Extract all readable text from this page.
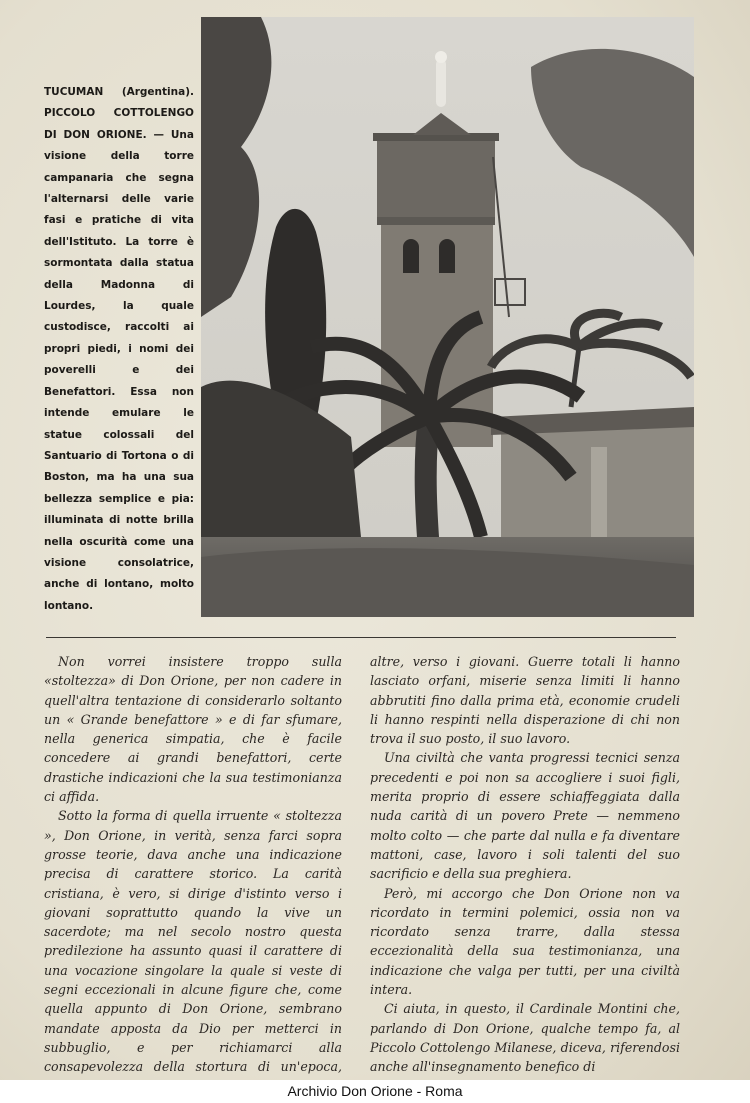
TUCUMAN (Argentina). PICCOLO COTTOLENGO DI DON ORIONE. — Una visione della torre campanaria che segna l'alternarsi delle varie fasi e pratiche di vita dell'Istituto. La torre è sormontata dalla statua della Madonna di Lourdes, la quale custodisce, raccolti ai propri piedi, i nomi dei poverelli e dei Benefattori. Essa non intende emulare le statue colossali del Santuario di Tortona o di Boston, ma ha una sua bellezza semplice e pia: illuminata di notte brilla nella oscurità come una visione consolatrice, anche di lontano, molto lontano.

Non vorrei insistere troppo sulla «stoltezza» di Don Orione, per non cadere in quell'altra tentazione di considerarlo soltanto un « Grande benefattore » e di far sfumare, nella generica simpatia, che è facile concedere ai grandi benefattori, certe drastiche indicazioni che la sua testimonianza ci affida.

Sotto la forma di quella irruente « stoltezza », Don Orione, in verità, senza farci sopra grosse teorie, dava anche una indicazione precisa di carattere storico. La carità cristiana, è vero, si dirige d'istinto verso i giovani soprattutto quando la vive un sacerdote; ma nel secolo nostro questa predilezione ha assunto quasi il carattere di una vocazione singolare la quale si veste di segni eccezionali in alcune figure che, come quella appunto di Don Orione, sembrano mandate apposta da Dio per metterci in subbuglio, e per richiamarci alla consapevolezza della stortura di un'epoca,

altre, verso i giovani. Guerre totali li hanno lasciato orfani, miserie senza limiti li hanno abbrutiti fino dalla prima età, economie crudeli li hanno respinti nella disperazione di chi non trova il suo posto, il suo lavoro.

Una civiltà che vanta progressi tecnici senza precedenti e poi non sa accogliere i suoi figli, merita proprio di essere schiaffeggiata dalla nuda carità di un povero Prete — nemmeno molto colto — che parte dal nulla e fa diventare mattoni, case, lavoro i soli talenti del suo sacrificio e della sua preghiera.

Però, mi accorgo che Don Orione non va ricordato in termini polemici, ossia non va ricordato senza trarre, dalla stessa eccezionalità della sua testimonianza, una indicazione che valga per tutti, per una civiltà intera.

Ci aiuta, in questo, il Cardinale Montini che, parlando di Don Orione, qualche tempo fa, al Piccolo Cottolengo Milanese, diceva, riferendosi anche all'insegnamento benefico di

Archivio Don Orione - Roma
